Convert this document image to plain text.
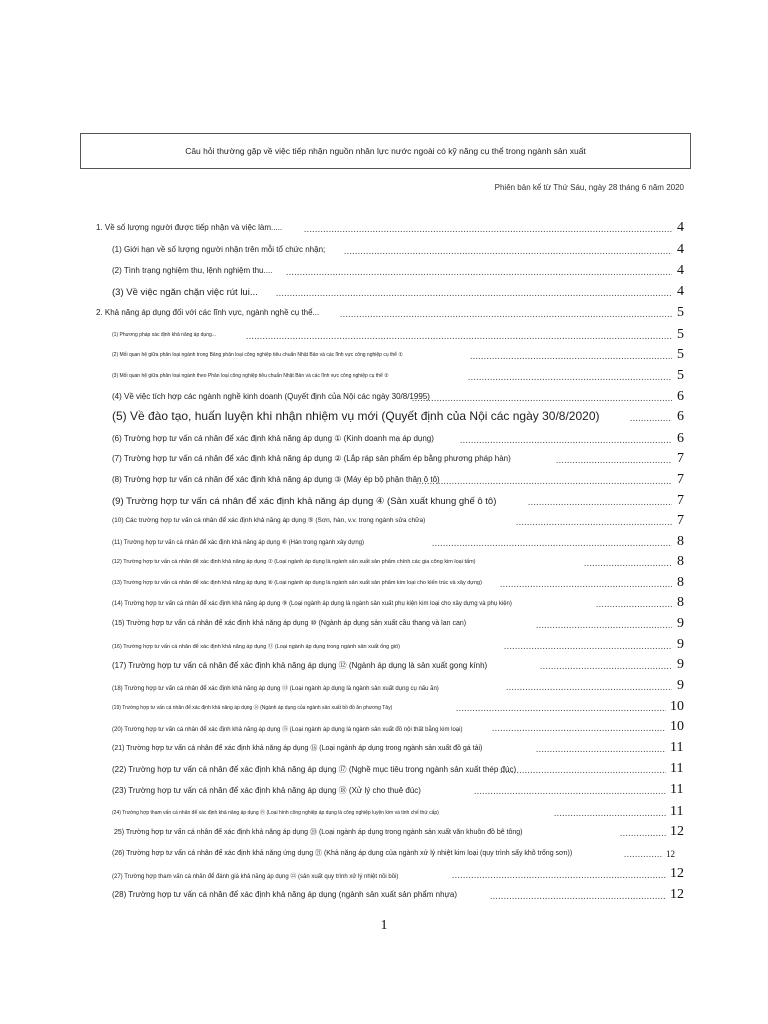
Câu hỏi thường gặp về việc tiếp nhận nguồn nhân lực nước ngoài có kỹ năng cụ thể trong ngành sản xuất
Phiên bản kể từ Thứ Sáu, ngày 28 tháng 6 năm 2020
1. Về số lượng người được tiếp nhận và việc làm..... .....	4
(1) Giới hạn về số lượng người nhận trên mỗi tổ chức nhận; .....	4
(2) Tình trạng nghiệm thu, lệnh nghiệm thu.... .....	4
(3) Về việc ngăn chặn việc rút lui... .....	4
2. Khả năng áp dụng đối với các lĩnh vực, ngành nghề cụ thể... .....	5
(1) Phương pháp xác định khả năng áp dụng... .....	5
(2) Mối quan hệ giữa phân loại ngành trong Bảng phân loại công nghiệp tiêu chuẩn Nhật Bản và các lĩnh vực công nghiệp cụ thể ① .....	5
(3) Mối quan hệ giữa phân loại ngành theo Phân loại công nghiệp tiêu chuẩn Nhật Bản và các lĩnh vực công nghiệp cụ thể ② .....	5
(4) Về việc tích hợp các ngành nghề kinh doanh (Quyết định của Nội các ngày 30/8/1995) .....	6
(5) Về đào tạo, huấn luyện khi nhận nhiệm vụ mới (Quyết định của Nội các ngày 30/8/2020) .....	6
(6) Trường hợp tư vấn cá nhân để xác định khả năng áp dụng ① (Kinh doanh mạ áp dụng) .....	6
(7) Trường hợp tư vấn cá nhân để xác định khả năng áp dụng ② (Lắp ráp sản phẩm ép bằng phương pháp hàn) .....	7
(8) Trường hợp tư vấn cá nhân để xác định khả năng áp dụng ③ (Máy ép bộ phận thân ô tô) .....	7
(9) Trường hợp tư vấn cá nhân để xác định khả năng áp dụng ④ (Sản xuất khung ghế ô tô) .....	7
(10) Các trường hợp tư vấn cá nhân để xác định khả năng áp dụng ⑤ (Sơn, hàn, v.v. trong ngành sửa chữa) .....	7
(11) Trường hợp tư vấn cá nhân để xác định khả năng áp dụng ⑥ (Hàn trong ngành xây dựng) .....	8
(12) Trường hợp tư vấn cá nhân để xác định khả năng áp dụng ⑦ (Loại ngành áp dụng là ngành sản xuất sản phẩm chính các gia công kim loại tấm) .....	8
(13) Trường hợp tư vấn cá nhân để xác định khả năng áp dụng ⑧ (Loại ngành áp dụng là ngành sản xuất sản phẩm kim loại cho kiến trúc và xây dựng) .....	8
(14) Trường hợp tư vấn cá nhân để xác định khả năng áp dụng ⑨ (Loại ngành áp dụng là ngành sản xuất phụ kiện kim loại cho xây dựng và phụ kiện) .....	8
(15) Trường hợp tư vấn cá nhân để xác định khả năng áp dụng ⑩ (Ngành áp dụng sản xuất cầu thang và lan can) .....	9
(16) Trường hợp tư vấn cá nhân để xác định khả năng áp dụng ⑪ (Loại ngành áp dụng trong ngành sản xuất ống gió) .....	9
(17) Trường hợp tư vấn cá nhân để xác định khả năng áp dụng ⑫ (Ngành áp dụng là sản xuất gọng kính) .....	9
(18) Trường hợp tư vấn cá nhân để xác định khả năng áp dụng ⑬ (Loại ngành áp dụng là ngành sản xuất dụng cụ nấu ăn) .....	9
(19) Trường hợp tư vấn cá nhân để xác định khả năng áp dụng ⑭ (Ngành áp dụng của ngành sản xuất bồ đồ ăn phương Tây) .....	10
(20) Trường hợp tư vấn cá nhân để xác định khả năng áp dụng ⑮ (Loại ngành áp dụng là ngành sản xuất đồ nội thất bằng kim loại) .....	10
(21) Trường hợp tư vấn cá nhân để xác định khả năng áp dụng ⑯ (Loại ngành áp dụng trong ngành sản xuất đồ gá tải) .....	11
(22) Trường hợp tư vấn cá nhân để xác định khả năng áp dụng ⑰ (Nghề mục tiêu trong ngành sản xuất thép đúc) .....	11
(23) Trường hợp tư vấn cá nhân để xác định khả năng áp dụng ⑱ (Xử lý cho thuê đúc) .....	11
(24) Trường hợp tham vấn cá nhân để xác định khả năng áp dụng ⑲ (Loại hình công nghiệp áp dụng là công nghiệp luyện kim và tinh chế thứ cấp) .....	11
25) Trường hợp tư vấn cá nhân để xác định khả năng áp dụng ⑳ (Loại ngành áp dụng trong ngành sản xuất văn khuôn đồ bê tông) .....	12
(26) Trường hợp tư vấn cá nhân để xác định khả năng ứng dụng ㉑ (Khả năng áp dụng của ngành xử lý nhiệt kim loại (quy trình sấy khô trống sơn)) .....	12
(27) Trường hợp tham vấn cá nhân để đánh giá khả năng áp dụng ㉒ (sản xuất quy trình xử lý nhiệt nồi bồi) .....	12
(28) Trường hợp tư vấn cá nhân để xác định khả năng áp dụng (ngành sản xuất sản phẩm nhựa) .....	12
1
